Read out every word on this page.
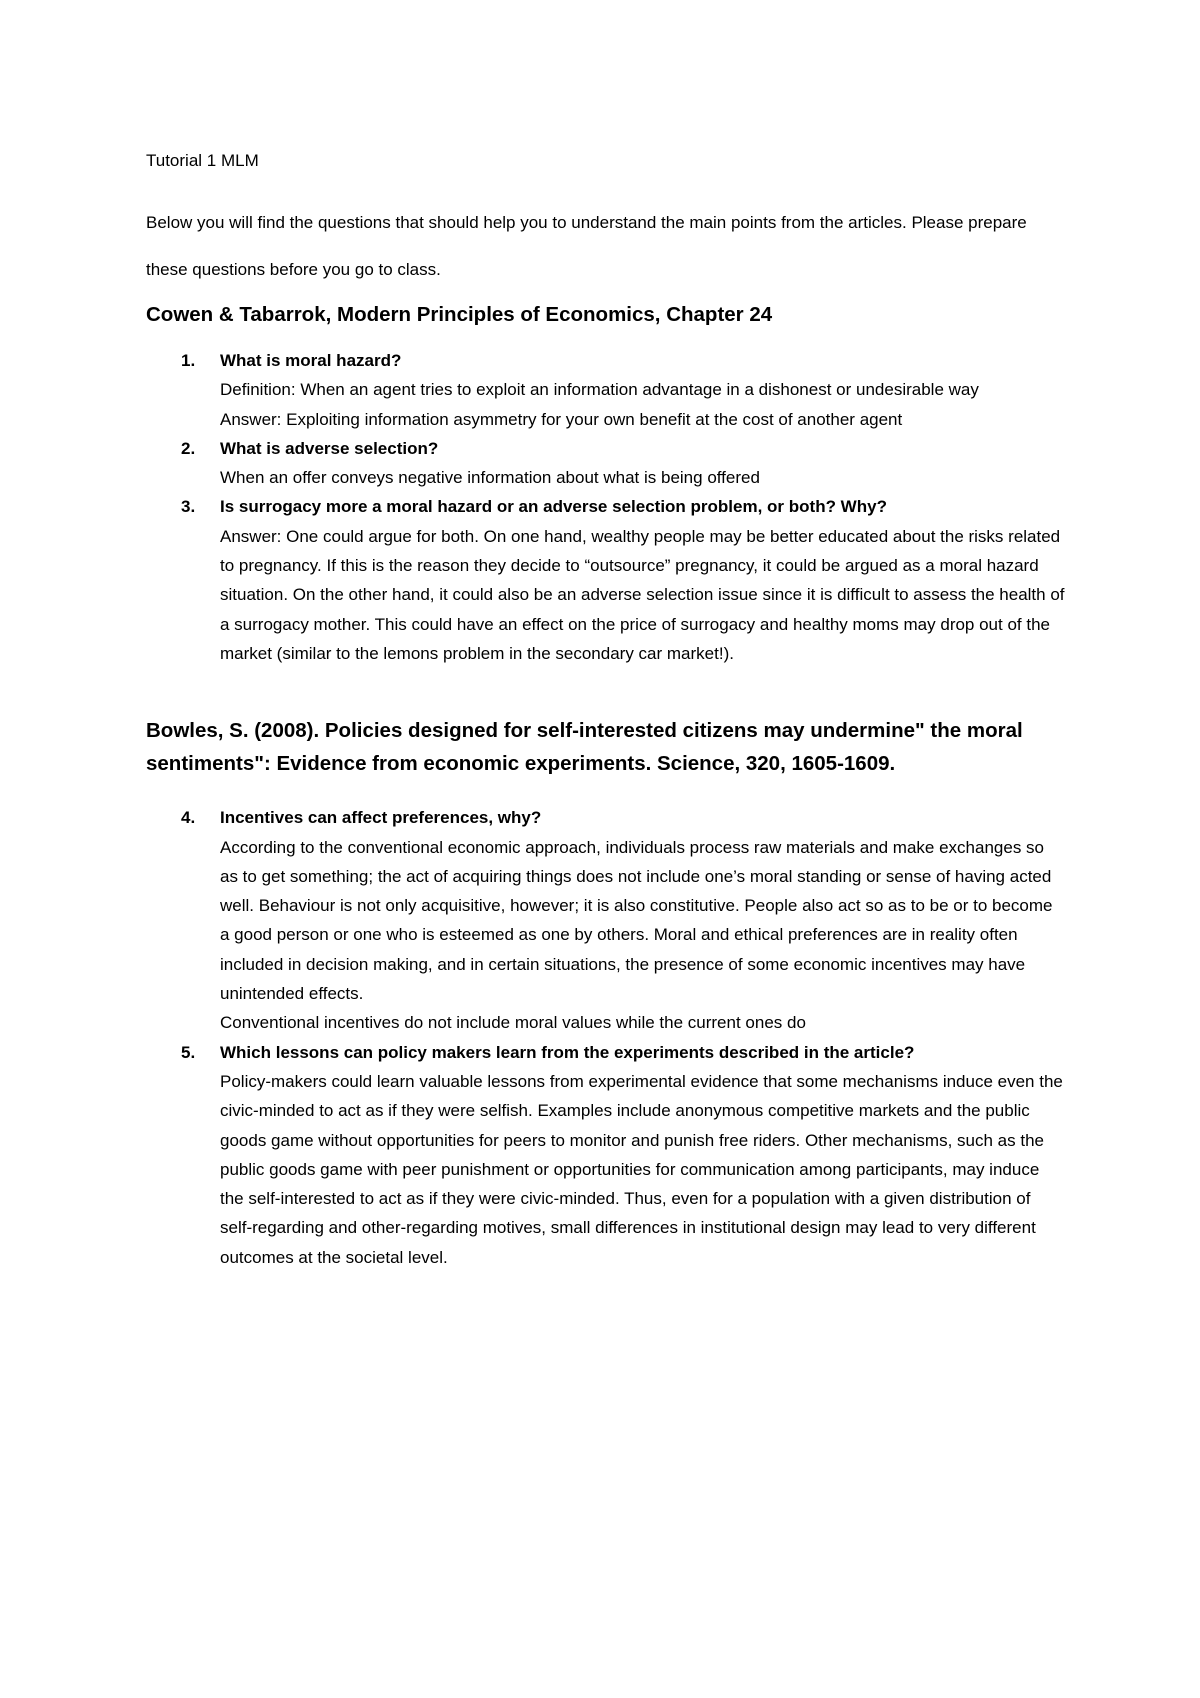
Tutorial 1 MLM

Below you will find the questions that should help you to understand the main points from the articles. Please prepare these questions before you go to class.

Cowen & Tabarrok, Modern Principles of Economics, Chapter 24
1. What is moral hazard?
Definition: When an agent tries to exploit an information advantage in a dishonest or undesirable way
Answer: Exploiting information asymmetry for your own benefit at the cost of another agent
2. What is adverse selection?
When an offer conveys negative information about what is being offered
3. Is surrogacy more a moral hazard or an adverse selection problem, or both? Why?
Answer: One could argue for both. On one hand, wealthy people may be better educated about the risks related to pregnancy. If this is the reason they decide to “outsource” pregnancy, it could be argued as a moral hazard situation. On the other hand, it could also be an adverse selection issue since it is difficult to assess the health of a surrogacy mother. This could have an effect on the price of surrogacy and healthy moms may drop out of the market (similar to the lemons problem in the secondary car market!).
Bowles, S. (2008). Policies designed for self-interested citizens may undermine" the moral sentiments": Evidence from economic experiments. Science, 320, 1605-1609.
4. Incentives can affect preferences, why?
According to the conventional economic approach, individuals process raw materials and make exchanges so as to get something; the act of acquiring things does not include one’s moral standing or sense of having acted well. Behaviour is not only acquisitive, however; it is also constitutive. People also act so as to be or to become a good person or one who is esteemed as one by others. Moral and ethical preferences are in reality often included in decision making, and in certain situations, the presence of some economic incentives may have unintended effects.
Conventional incentives do not include moral values while the current ones do
5. Which lessons can policy makers learn from the experiments described in the article?
Policy-makers could learn valuable lessons from experimental evidence that some mechanisms induce even the civic-minded to act as if they were selfish. Examples include anonymous competitive markets and the public goods game without opportunities for peers to monitor and punish free riders. Other mechanisms, such as the public goods game with peer punishment or opportunities for communication among participants, may induce the self-interested to act as if they were civic-minded. Thus, even for a population with a given distribution of self-regarding and other-regarding motives, small differences in institutional design may lead to very different outcomes at the societal level.
